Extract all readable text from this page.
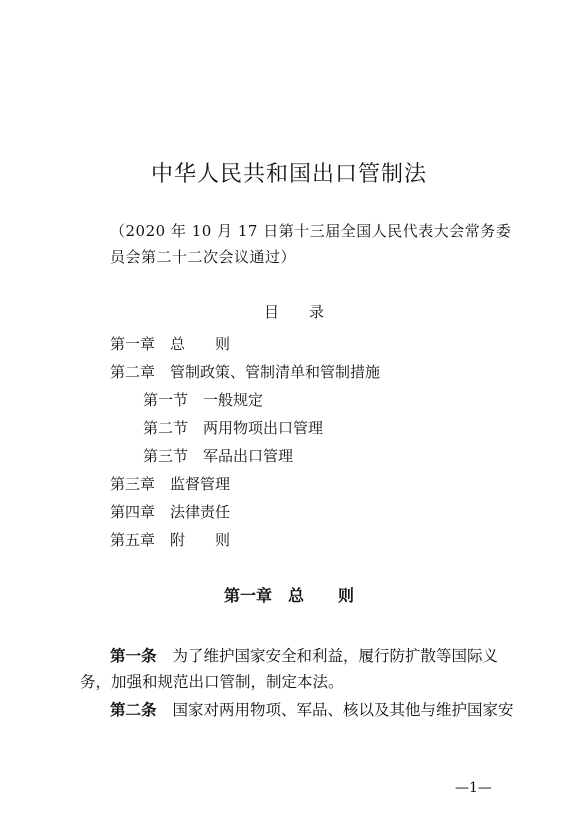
中华人民共和国出口管制法
（2020 年 10 月 17 日第十三届全国人民代表大会常务委
员会第二十二次会议通过）
目 录
第一章 总 则
第二章 管制政策、管制清单和管制措施
第一节 一般规定
第二节 两用物项出口管理
第三节 军品出口管理
第三章 监督管理
第四章 法律责任
第五章 附 则
第一章 总 则
第一条 为了维护国家安全和利益，履行防扩散等国际义
务，加强和规范出口管制，制定本法。
第二条 国家对两用物项、军品、核以及其他与维护国家安
—1—
